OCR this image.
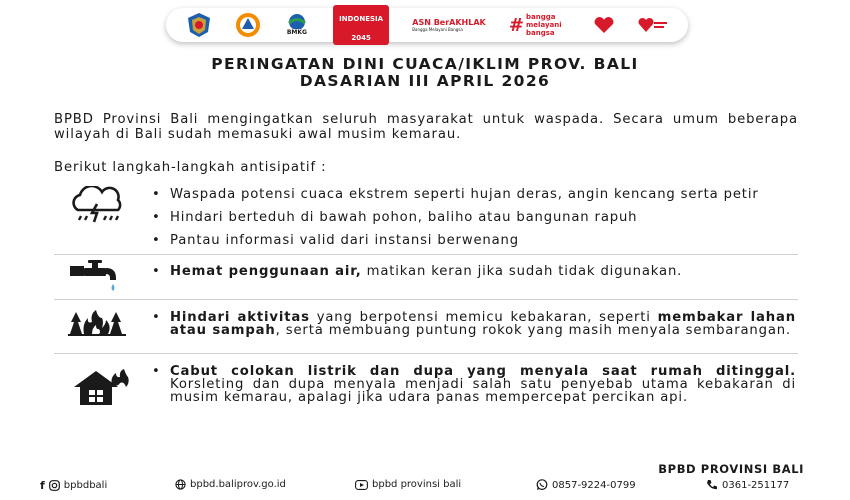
BMKG
INDONESIA 2045
ASN BerAKHLAK
Bangga Melayani Bangsa	# bangga melayani bangsa
PERINGATAN DINI CUACA/IKLIM PROV. BALI
DASARIAN III APRIL 2026
BPBD Provinsi Bali mengingatkan seluruh masyarakat untuk waspada. Secara umum beberapa wilayah di Bali sudah memasuki awal musim kemarau.
Berikut langkah-langkah antisipatif :
• Waspada potensi cuaca ekstrem seperti hujan deras, angin kencang serta petir
• Hindari berteduh di bawah pohon, baliho atau bangunan rapuh
• Pantau informasi valid dari instansi berwenang
• Hemat penggunaan air, matikan keran jika sudah tidak digunakan.
• Hindari aktivitas yang berpotensi memicu kebakaran, seperti membakar lahan atau sampah, serta membuang puntung rokok yang masih menyala sembarangan.
• Cabut colokan listrik dan dupa yang menyala saat rumah ditinggal. Korsleting dan dupa menyala menjadi salah satu penyebab utama kebakaran di musim kemarau, apalagi jika udara panas mempercepat percikan api.
BPBD PROVINSI BALI
f bpbdbali	bpbd.baliprov.go.id	bpbd provinsi bali	0857-9224-0799	0361-251177
